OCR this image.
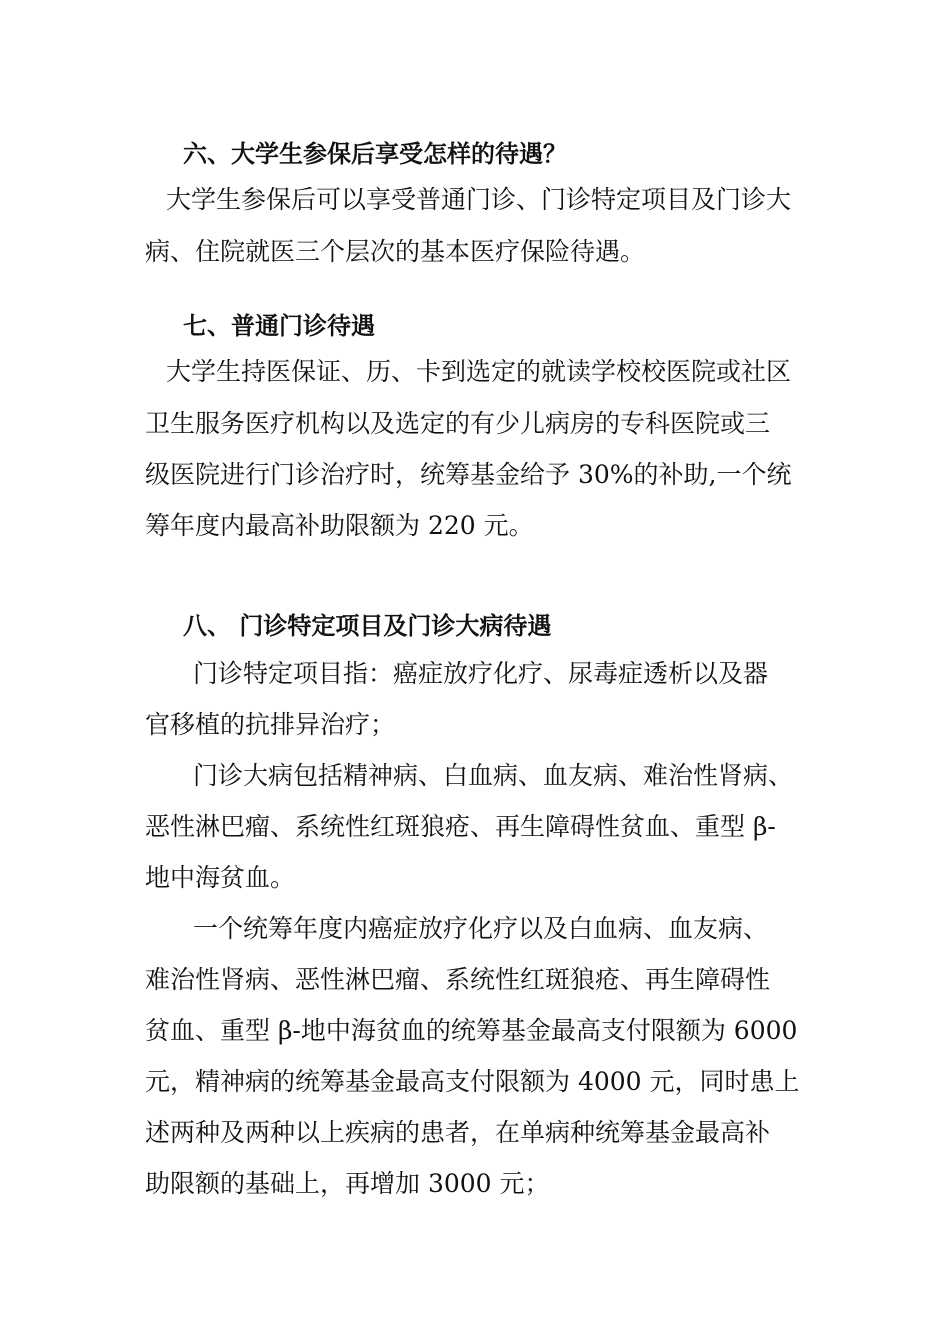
六、大学生参保后享受怎样的待遇？
大学生参保后可以享受普通门诊、门诊特定项目及门诊大
病、住院就医三个层次的基本医疗保险待遇。
七、普通门诊待遇
大学生持医保证、历、卡到选定的就读学校校医院或社区
卫生服务医疗机构以及选定的有少儿病房的专科医院或三
级医院进行门诊治疗时，统筹基金给予 30%的补助,一个统
筹年度内最高补助限额为 220 元。
八、 门诊特定项目及门诊大病待遇
门诊特定项目指：癌症放疗化疗、尿毒症透析以及器
官移植的抗排异治疗；
门诊大病包括精神病、白血病、血友病、难治性肾病、
恶性淋巴瘤、系统性红斑狼疮、再生障碍性贫血、重型 β-
地中海贫血。
一个统筹年度内癌症放疗化疗以及白血病、血友病、
难治性肾病、恶性淋巴瘤、系统性红斑狼疮、再生障碍性
贫血、重型 β-地中海贫血的统筹基金最高支付限额为 6000
元，精神病的统筹基金最高支付限额为 4000 元，同时患上
述两种及两种以上疾病的患者，在单病种统筹基金最高补
助限额的基础上，再增加 3000 元；
